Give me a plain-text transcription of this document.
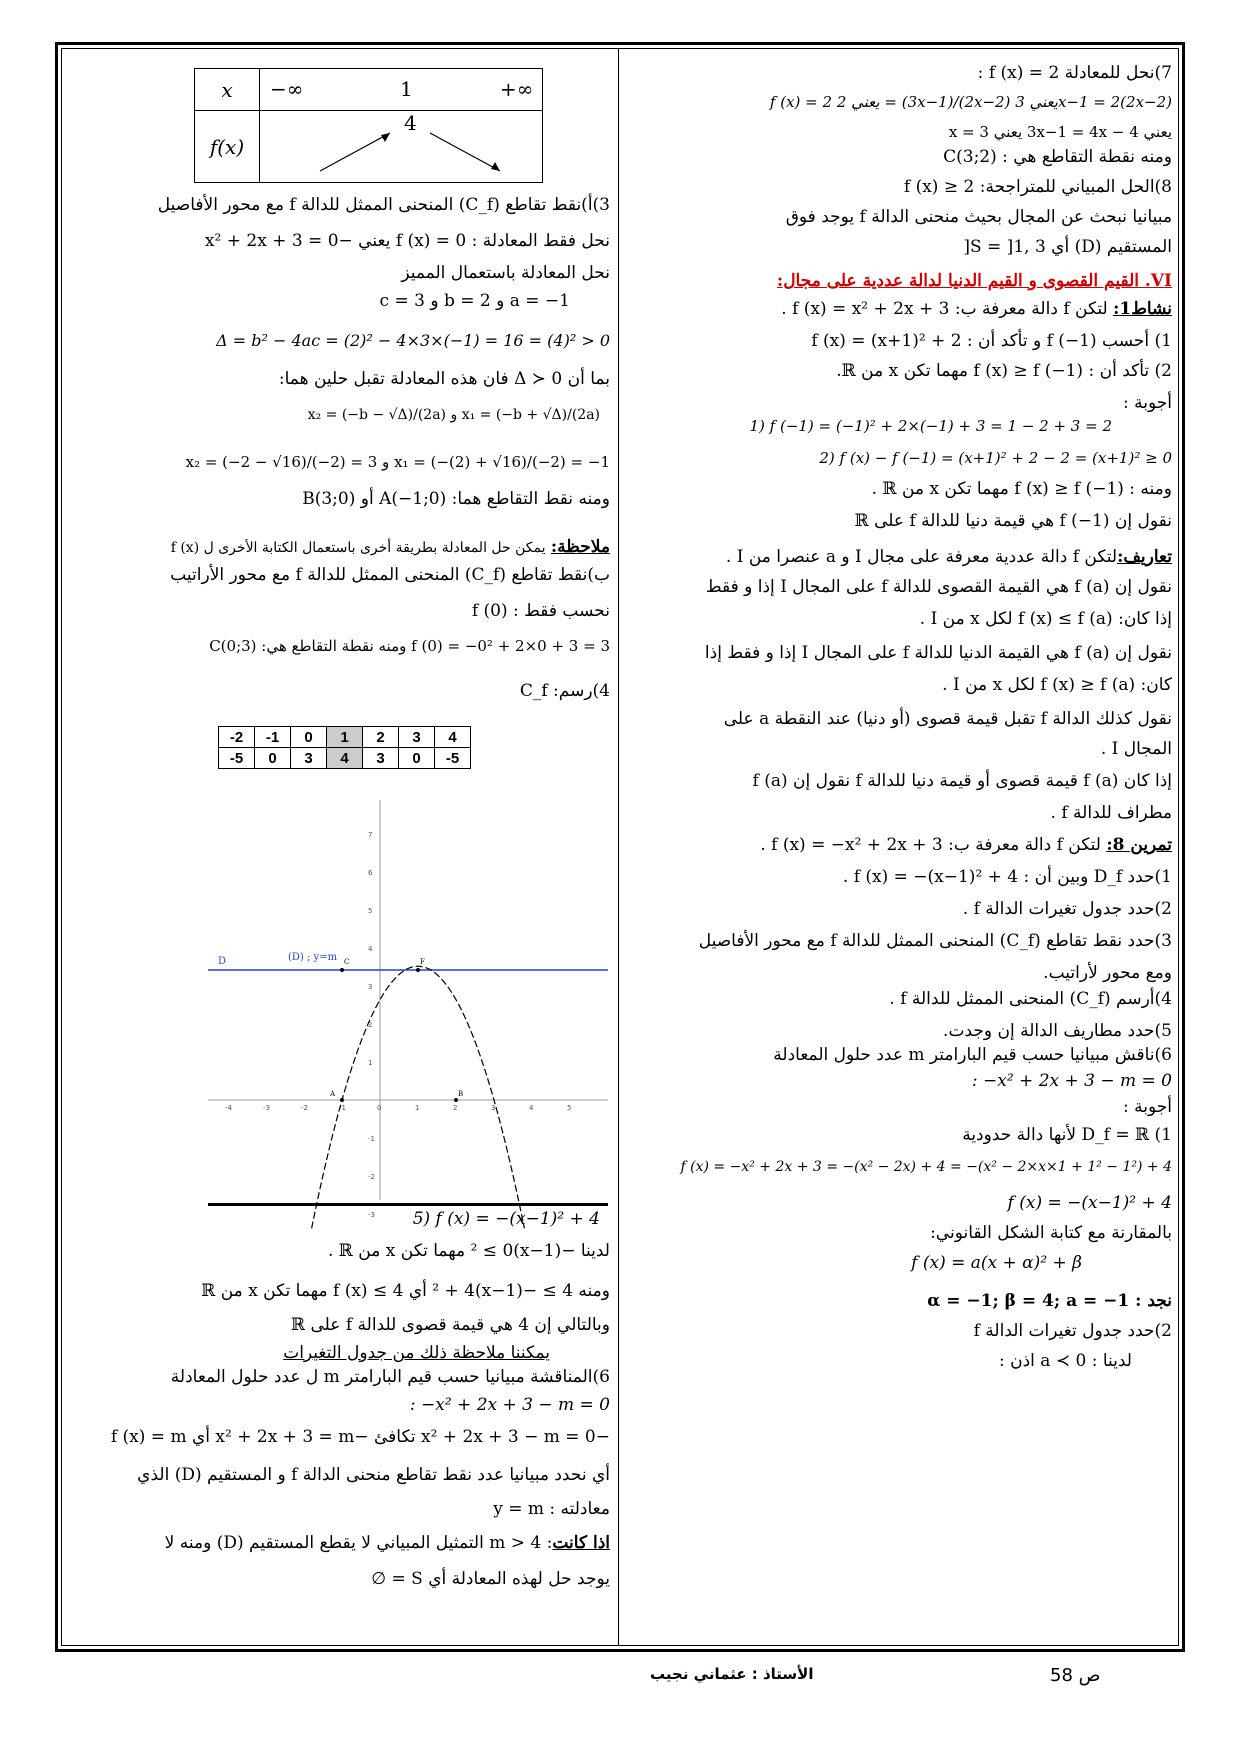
7)نحل للمعادلة 2 = f (x) :
f (x) = 2 يعني 2 = (3x−1)/(2x−2) يعني 3x−1 = 2(2x−2)
يعني 3x−1 = 4x − 4 يعني x = 3
ومنه نقطة التقاطع هي : C(3;2)
8)الحل المبياني للمتراجحة: f (x) ≥ 2
مبيانيا نبحث عن المجال بحيث منحنى الدالة f يوجد فوق
المستقيم (D) أي S = ]1, 3[
VI. القيم القصوى و القيم الدنيا لدالة عددية على مجال:
نشاط1: لتكن f دالة معرفة ب: f (x) = x² + 2x + 3 .
1) أحسب f (−1) و تأكد أن : f (x) = (x+1)² + 2
2) تأكد أن : f (x) ≥ f (−1) مهما تكن x من ℝ.
أجوبة :
1) f (−1) = (−1)² + 2×(−1) + 3 = 1 − 2 + 3 = 2
2) f (x) − f (−1) = (x+1)² + 2 − 2 = (x+1)² ≥ 0
ومنه : f (x) ≥ f (−1) مهما تكن x من ℝ .
نقول إن f (−1) هي قيمة دنيا للدالة f على ℝ
تعاريف:لتكن f دالة عددية معرفة على مجال I و a عنصرا من I .
نقول إن f (a) هي القيمة القصوى للدالة f على المجال I إذا و فقط
إذا كان: f (x) ≤ f (a) لكل x من I .
نقول إن f (a) هي القيمة الدنيا للدالة f على المجال I إذا و فقط إذا
كان: f (x) ≥ f (a) لكل x من I .
نقول كذلك الدالة f تقبل قيمة قصوى (أو دنيا) عند النقطة a على
المجال I .
إذا كان f (a) قيمة قصوى أو قيمة دنيا للدالة f نقول إن f (a)
مطراف للدالة f .
تمرين 8: لتكن f دالة معرفة ب: f (x) = −x² + 2x + 3 .
1)حدد D_f وبين أن : f (x) = −(x−1)² + 4 .
2)حدد جدول تغيرات الدالة f .
3)حدد نقط تقاطع (C_f) المنحنى الممثل للدالة f مع محور الأفاصيل
ومع محور لأراتيب.
4)أرسم (C_f) المنحنى الممثل للدالة f .
5)حدد مطاريف الدالة إن وجدت.
6)ناقش مبيانيا حسب قيم البارامتر m عدد حلول المعادلة
: −x² + 2x + 3 − m = 0
أجوبة :
1) D_f = ℝ لأنها دالة حدودية
f (x) = −x² + 2x + 3 = −(x² − 2x) + 4 = −(x² − 2×x×1 + 1² − 1²) + 4
f (x) = −(x−1)² + 4
بالمقارنة مع كتابة الشكل القانوني:
f (x) = a(x + α)² + β
نجد : α = −1; β = 4; a = −1
2)حدد جدول تغيرات الدالة f
لدينا : a ≺ 0 اذن :
x	−∞ 1 +∞

f(x)	4
3)أ)نقط تقاطع (C_f) المنحنى الممثل للدالة f مع محور الأفاصيل
نحل فقط المعادلة : f (x) = 0 يعني −x² + 2x + 3 = 0
نحل المعادلة باستعمال المميز
a = −1 و b = 2 و c = 3
Δ = b² − 4ac = (2)² − 4×3×(−1) = 16 = (4)² > 0
بما أن Δ ≻ 0 فان هذه المعادلة تقبل حلين هما:
x₁ = (−b + √Δ)/(2a) و x₂ = (−b − √Δ)/(2a)
x₁ = (−(2) + √16)/(−2) = −1 و x₂ = (−2 − √16)/(−2) = 3
ومنه نقط التقاطع هما: A(−1;0) أو B(3;0)
ملاحظة: يمكن حل المعادلة بطريقة أخرى باستعمال الكتابة الأخرى ل f (x)
ب)نقط تقاطع (C_f) المنحنى الممثل للدالة f مع محور الأراتيب
نحسب فقط : f (0)
f (0) = −0² + 2×0 + 3 = 3 ومنه نقطة التقاطع هي: C(0;3)
4)رسم: C_f
-2	-1	0	1	2	3	4
-5	0	3	4	3	0	-5
-4	-3	-2	-1	0	1	2	3	4	5
7
6
5
4
3
2
1
-1
-2
-3
D	(D) ; y=m
A	B
C	F
5) f (x) = −(x−1)² + 4
لدينا −(x−1)² ≤ 0 مهما تكن x من ℝ .
ومنه 4 ≥ −(x−1)² + 4 أي f (x) ≤ 4 مهما تكن x من ℝ
وبالتالي إن 4 هي قيمة قصوى للدالة f على ℝ
يمكننا ملاحظة ذلك من جدول التغيرات
6)المناقشة مبيانيا حسب قيم البارامتر m ل عدد حلول المعادلة
: −x² + 2x + 3 − m = 0
−x² + 2x + 3 − m = 0 تكافئ −x² + 2x + 3 = m أي f (x) = m
أي نحدد مبيانيا عدد نقط تقاطع منحنى الدالة f و المستقيم (D) الذي
معادلته : y = m
اذا كانت: m > 4 التمثيل المبياني لا يقطع المستقيم (D) ومنه لا
يوجد حل لهذه المعادلة أي S = ∅
الأستاذ : عثماني نجيب	ص 58
